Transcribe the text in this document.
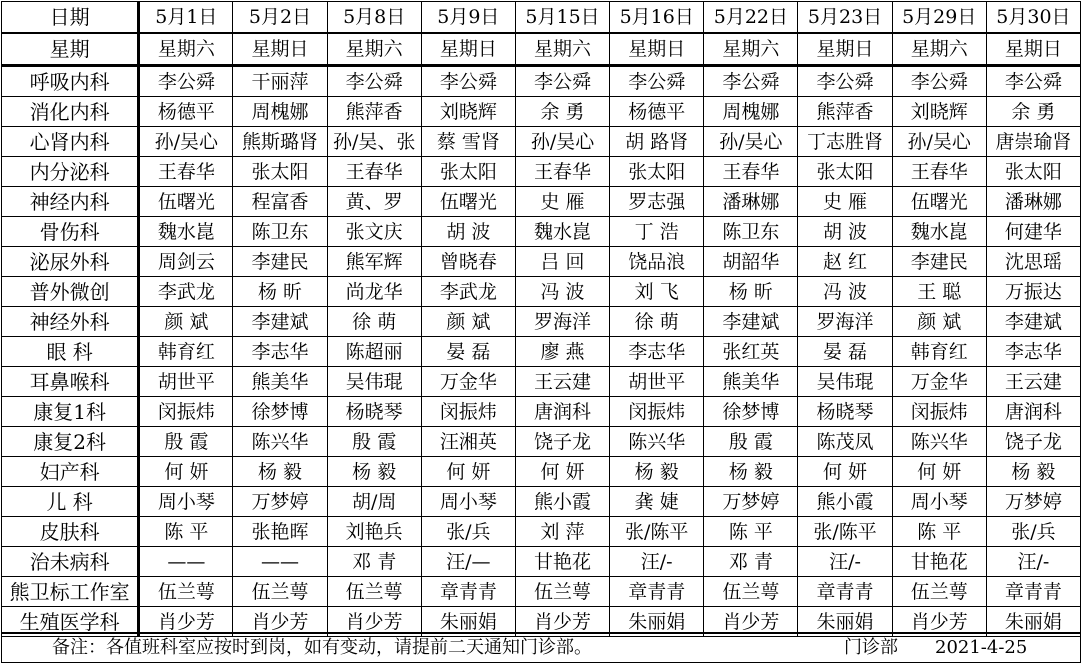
日期	5月1日	5月2日	5月8日	5月9日	5月15日	5月16日	5月22日	5月23日	5月29日	5月30日
星期	星期六	星期日	星期六	星期日	星期六	星期日	星期六	星期日	星期六	星期日
呼吸内科	李公舜	干丽萍	李公舜	李公舜	李公舜	李公舜	李公舜	李公舜	李公舜	李公舜
消化内科	杨德平	周槐娜	熊萍香	刘晓辉	余 勇	杨德平	周槐娜	熊萍香	刘晓辉	余 勇
心肾内科	孙/吴心	熊斯璐肾	孙/吴、张	蔡 雪肾	孙/吴心	胡 路肾	孙/吴心	丁志胜肾	孙/吴心	唐崇瑜肾
内分泌科	王春华	张太阳	王春华	张太阳	王春华	张太阳	王春华	张太阳	王春华	张太阳
神经内科	伍曙光	程富香	黄、罗	伍曙光	史 雁	罗志强	潘琳娜	史 雁	伍曙光	潘琳娜
骨伤科	魏水崑	陈卫东	张文庆	胡 波	魏水崑	丁 浩	陈卫东	胡 波	魏水崑	何建华
泌尿外科	周剑云	李建民	熊军辉	曾晓春	吕 回	饶品浪	胡韶华	赵 红	李建民	沈思瑶
普外微创	李武龙	杨 昕	尚龙华	李武龙	冯 波	刘 飞	杨 昕	冯 波	王 聪	万振达
神经外科	颜 斌	李建斌	徐 萌	颜 斌	罗海洋	徐 萌	李建斌	罗海洋	颜 斌	李建斌
眼 科	韩育红	李志华	陈超丽	晏 磊	廖 燕	李志华	张红英	晏 磊	韩育红	李志华
耳鼻喉科	胡世平	熊美华	吴伟琨	万金华	王云建	胡世平	熊美华	吴伟琨	万金华	王云建
康复1科	闵振炜	徐梦博	杨晓琴	闵振炜	唐润科	闵振炜	徐梦博	杨晓琴	闵振炜	唐润科
康复2科	殷 霞	陈兴华	殷 霞	汪湘英	饶子龙	陈兴华	殷 霞	陈茂凤	陈兴华	饶子龙
妇产科	何 妍	杨 毅	杨 毅	何 妍	何 妍	杨 毅	杨 毅	何 妍	何 妍	杨 毅
儿 科	周小琴	万梦婷	胡/周	周小琴	熊小霞	龚 婕	万梦婷	熊小霞	周小琴	万梦婷
皮肤科	陈 平	张艳晖	刘艳兵	张/兵	刘 萍	张/陈平	陈 平	张/陈平	陈 平	张/兵
治未病科	——	——	邓 青	汪/—	甘艳花	汪/-	邓 青	汪/-	甘艳花	汪/-
熊卫标工作室	伍兰萼	伍兰萼	伍兰萼	章青青	伍兰萼	章青青	伍兰萼	章青青	伍兰萼	章青青
生殖医学科	肖少芳	肖少芳	肖少芳	朱丽娟	肖少芳	朱丽娟	肖少芳	朱丽娟	肖少芳	朱丽娟
备注：各值班科室应按时到岗，如有变动，请提前二天通知门诊部。	门诊部 2021-4-25
